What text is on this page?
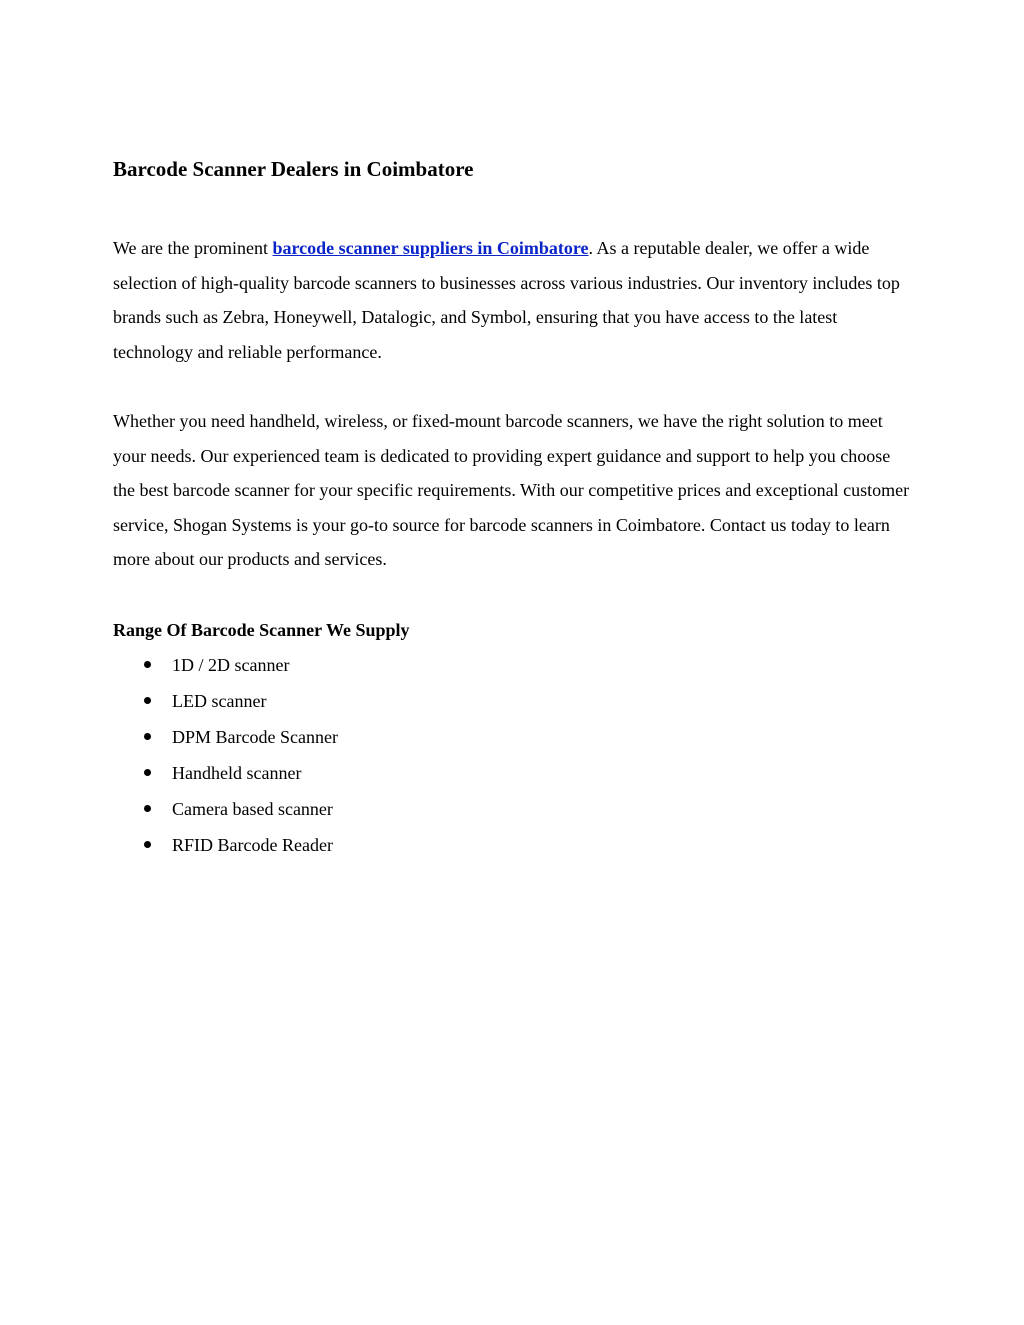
Barcode Scanner Dealers in Coimbatore

We are the prominent barcode scanner suppliers in Coimbatore. As a reputable dealer, we offer a wide selection of high-quality barcode scanners to businesses across various industries. Our inventory includes top brands such as Zebra, Honeywell, Datalogic, and Symbol, ensuring that you have access to the latest technology and reliable performance.

Whether you need handheld, wireless, or fixed-mount barcode scanners, we have the right solution to meet your needs. Our experienced team is dedicated to providing expert guidance and support to help you choose the best barcode scanner for your specific requirements. With our competitive prices and exceptional customer service, Shogan Systems is your go-to source for barcode scanners in Coimbatore. Contact us today to learn more about our products and services.

Range Of Barcode Scanner We Supply
1D / 2D scanner
LED scanner
DPM Barcode Scanner
Handheld scanner
Camera based scanner
RFID Barcode Reader
